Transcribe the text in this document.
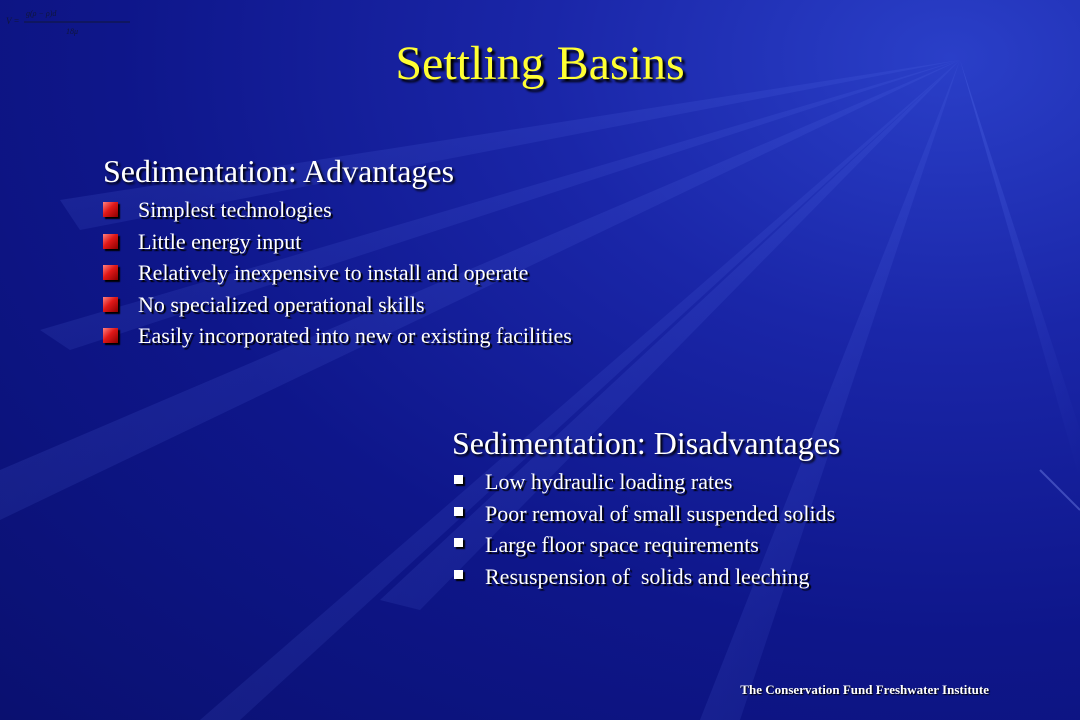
V =
g(ρ − ρ)d
18μ
Settling Basins
Sedimentation: Advantages
Simplest technologies
Little energy input
Relatively inexpensive to install and operate
No specialized operational skills
Easily incorporated into new or existing facilities
Sedimentation: Disadvantages
Low hydraulic loading rates
Poor removal of small suspended solids
Large floor space requirements
Resuspension of  solids and leeching
The Conservation Fund Freshwater Institute
